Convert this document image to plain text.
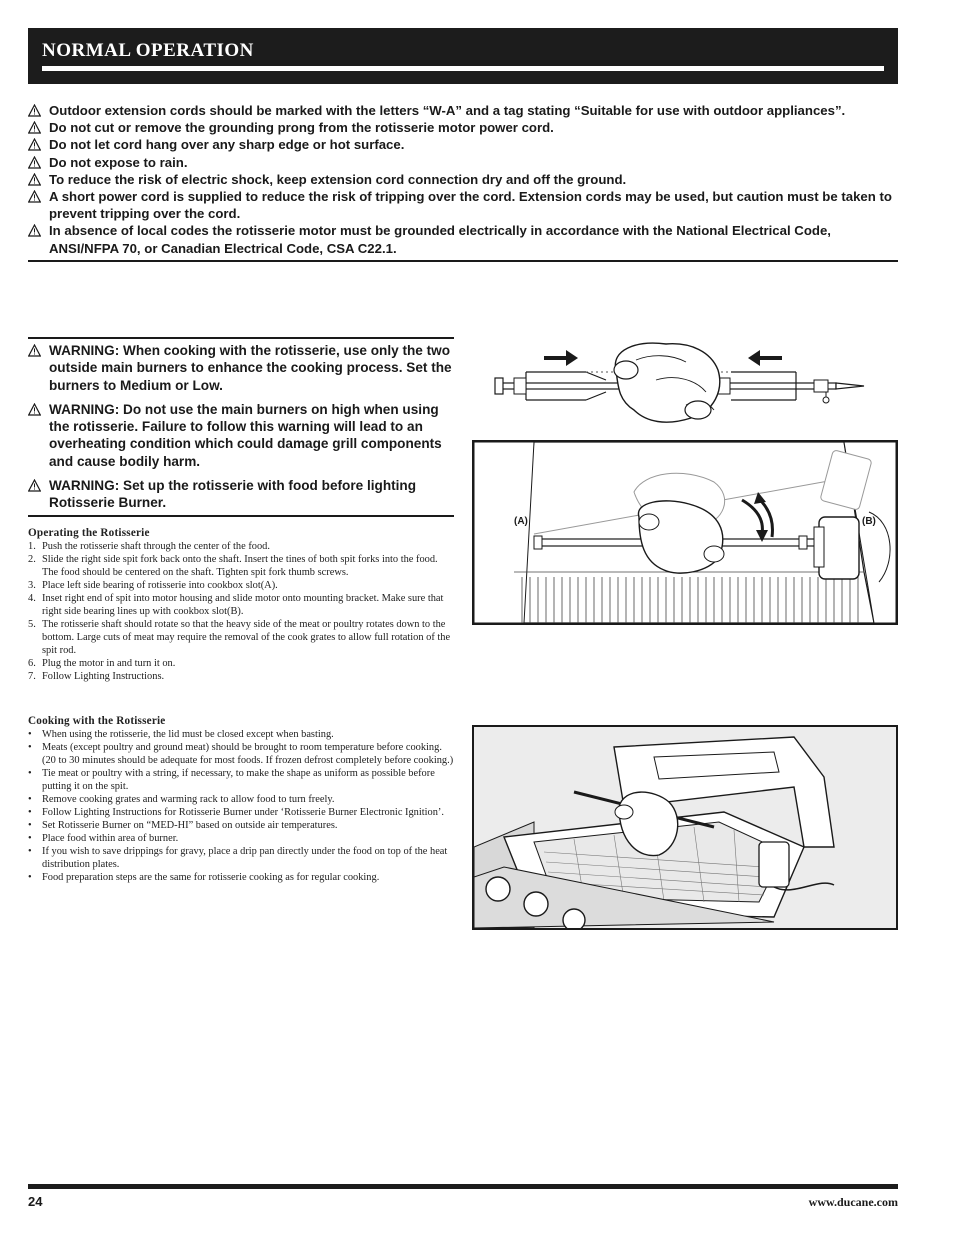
NORMAL OPERATION
Outdoor extension cords should be marked with the letters “W-A” and a tag stating “Suitable for use with outdoor appliances”.
Do not cut or remove the grounding prong from the rotisserie motor power cord.
Do not let cord hang over any sharp edge or hot surface.
Do not expose to rain.
To reduce the risk of electric shock, keep extension cord connection dry and off the ground.
A short power cord is supplied to reduce the risk of tripping over the cord. Extension cords may be used, but caution must be taken to prevent tripping over the cord.
In absence of local codes the rotisserie motor must be grounded electrically in accordance with the National Electrical Code, ANSI/NFPA 70, or Canadian Electrical Code, CSA C22.1.
WARNING: When cooking with the rotisserie, use only the two outside main burners to enhance the cooking process. Set the burners to Medium or Low.
WARNING: Do not use the main burners on high when using the rotisserie. Failure to follow this warning will lead to an overheating condition which could damage grill components and cause bodily harm.
WARNING: Set up the rotisserie with food before lighting Rotisserie Burner.
Operating the Rotisserie
1. Push the rotisserie shaft through the center of the food.
2. Slide the right side spit fork back onto the shaft. Insert the tines of both spit forks into the food. The food should be centered on the shaft. Tighten spit fork thumb screws.
3. Place left side bearing of rotisserie into cookbox slot(A).
4. Inset right end of spit into motor housing and slide motor onto mounting bracket. Make sure that right side bearing lines up with cookbox slot(B).
5. The rotisserie shaft should rotate so that the heavy side of the meat or poultry rotates down to the bottom. Large cuts of meat may require the removal of the cook grates to allow full rotation of the spit rod.
6. Plug the motor in and turn it on.
7. Follow Lighting Instructions.
Cooking with the Rotisserie
• When using the rotisserie, the lid must be closed except when basting.
• Meats (except poultry and ground meat) should be brought to room temperature before cooking. (20 to 30 minutes should be adequate for most foods. If frozen defrost completely before cooking.)
• Tie meat or poultry with a string, if necessary, to make the shape as uniform as possible before putting it on the spit.
• Remove cooking grates and warming rack to allow food to turn freely.
• Follow Lighting Instructions for Rotisserie Burner under ‘Rotisserie Burner Electronic Ignition’.
• Set Rotisserie Burner on “MED-HI” based on outside air temperatures.
• Place food within area of burner.
• If you wish to save drippings for gravy, place a drip pan directly under the food on top of the heat distribution plates.
• Food preparation steps are the same for rotisserie cooking as for regular cooking.
(A)	(B)
24	www.ducane.com
